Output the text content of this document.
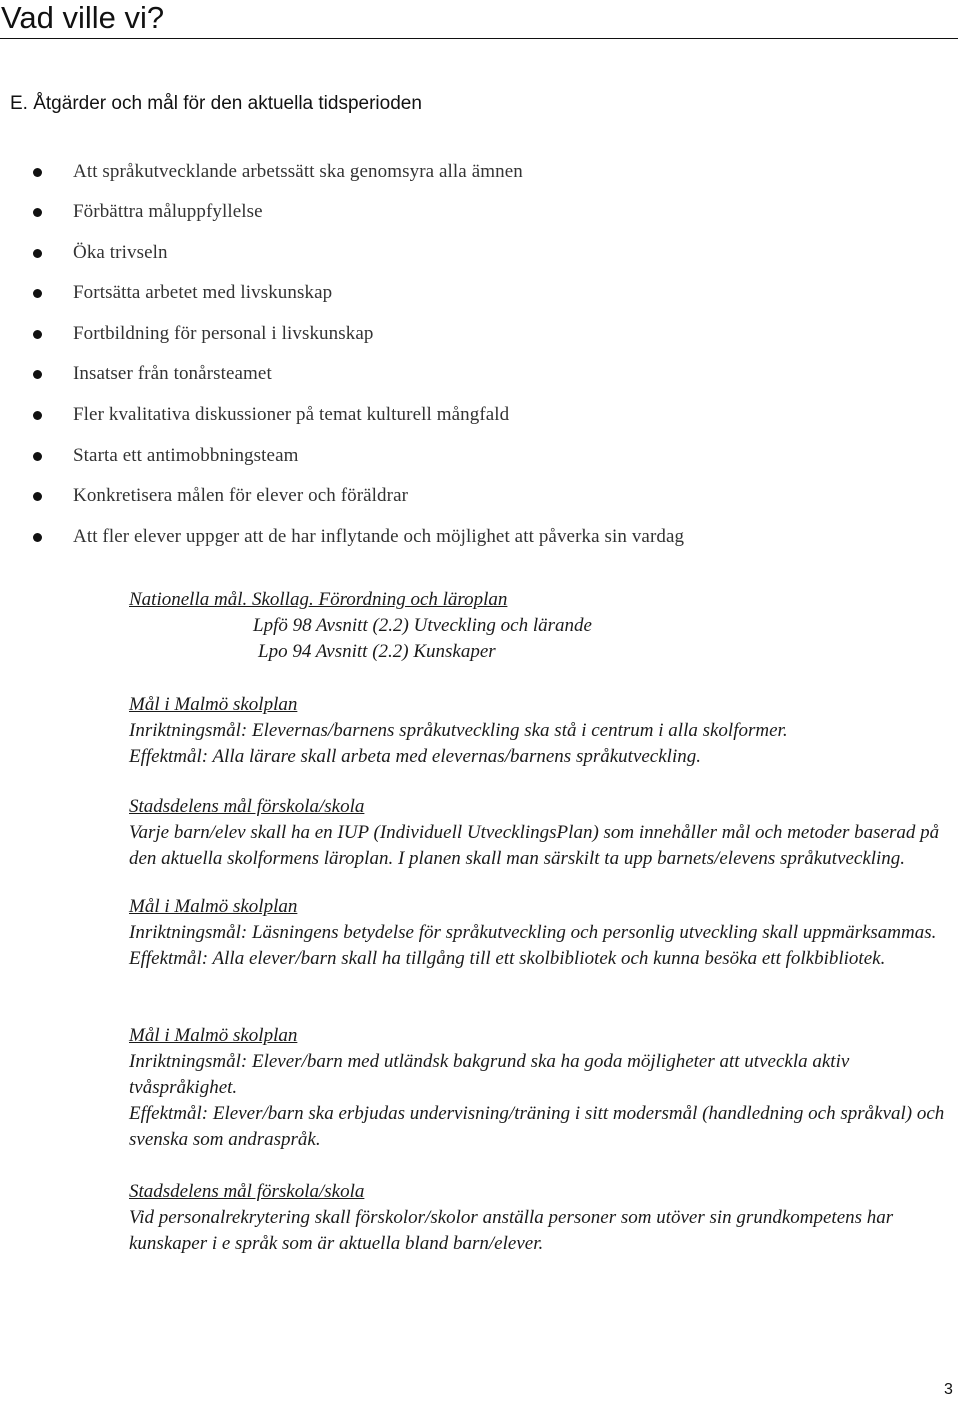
Vad ville vi?
E. Åtgärder och mål för den aktuella tidsperioden
Att språkutvecklande arbetssätt ska genomsyra alla ämnen
Förbättra måluppfyllelse
Öka trivseln
Fortsätta arbetet med livskunskap
Fortbildning för personal i livskunskap
Insatser från tonårsteamet
Fler kvalitativa diskussioner på temat kulturell mångfald
Starta ett antimobbningsteam
Konkretisera målen för elever och föräldrar
Att fler elever uppger att de har inflytande och möjlighet att påverka sin vardag
Nationella mål. Skollag. Förordning och läroplan
Lpfö 98 Avsnitt (2.2) Utveckling och lärande
Lpo 94 Avsnitt (2.2) Kunskaper
Mål i Malmö skolplan
Inriktningsmål: Elevernas/barnens språkutveckling ska stå i centrum i alla skolformer.
Effektmål: Alla lärare skall arbeta med elevernas/barnens språkutveckling.
Stadsdelens mål förskola/skola
Varje barn/elev skall ha en IUP (Individuell UtvecklingsPlan) som innehåller mål och metoder baserad på den aktuella skolformens läroplan. I planen skall man särskilt ta upp barnets/elevens språkutveckling.
Mål i Malmö skolplan
Inriktningsmål: Läsningens betydelse för språkutveckling och personlig utveckling skall uppmärksammas.
Effektmål: Alla elever/barn skall ha tillgång till ett skolbibliotek och kunna besöka ett folkbibliotek.
Mål i Malmö skolplan
Inriktningsmål: Elever/barn med utländsk bakgrund ska ha goda möjligheter att utveckla aktiv tvåspråkighet.
Effektmål: Elever/barn ska erbjudas undervisning/träning i sitt modersmål (handledning och språkval) och svenska som andraspråk.
Stadsdelens mål förskola/skola
Vid personalrekrytering skall förskolor/skolor anställa personer som utöver sin grundkompetens har kunskaper i e språk som är aktuella bland barn/elever.
3
